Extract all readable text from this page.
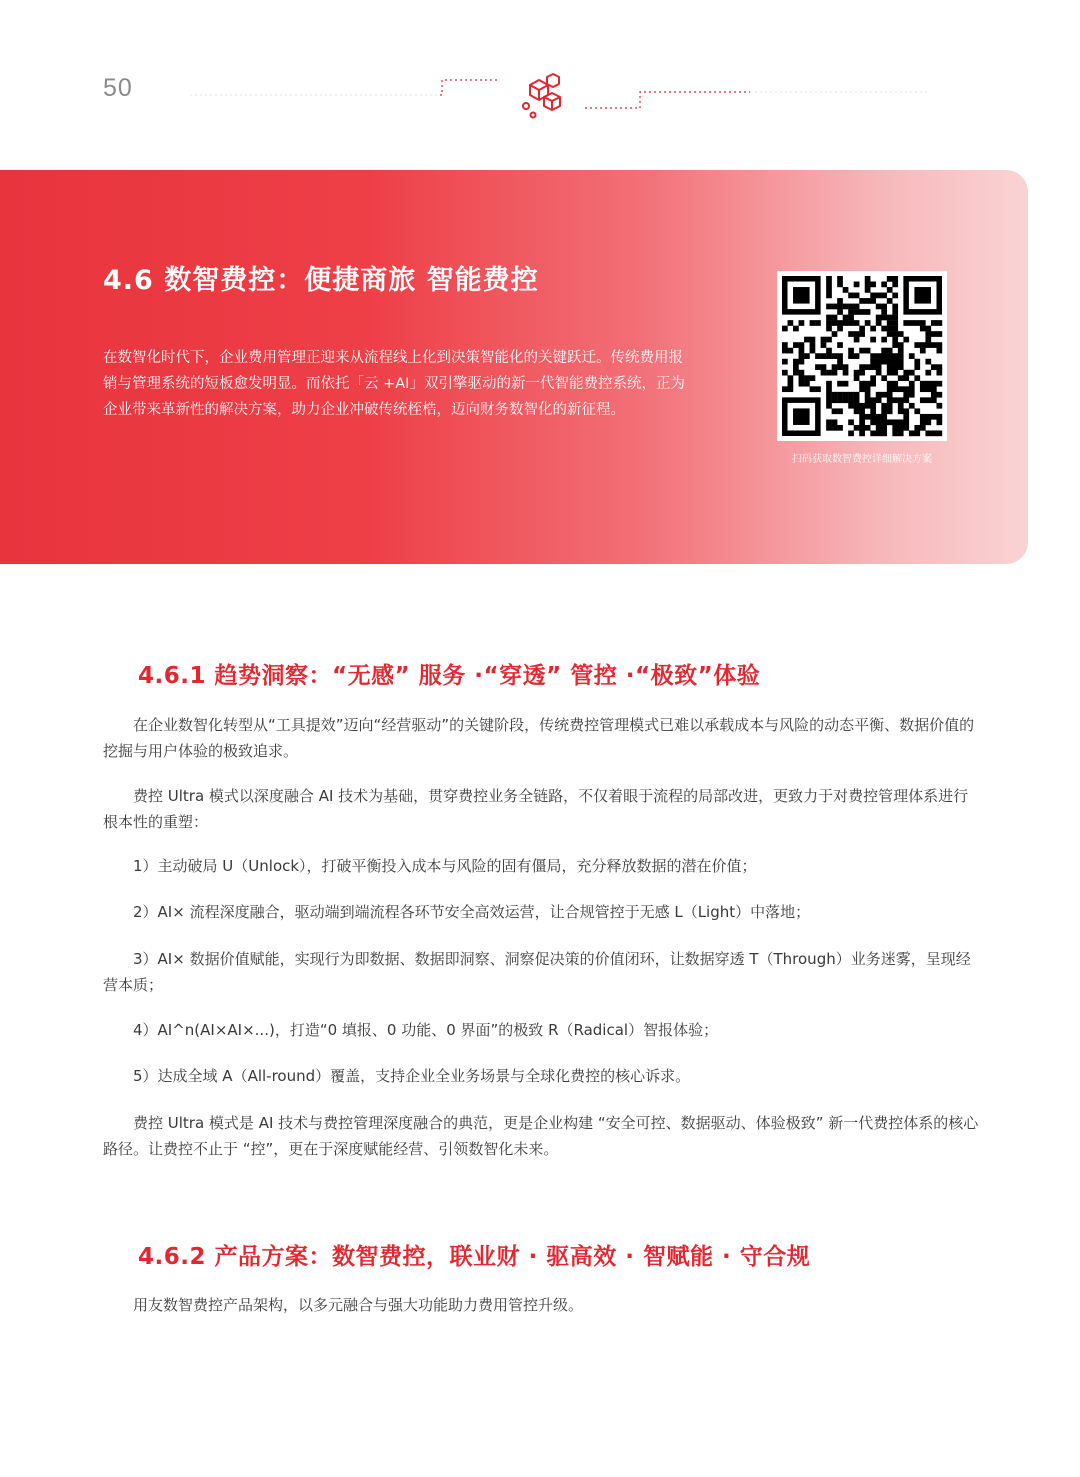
50
4.6 数智费控：便捷商旅 智能费控

在数智化时代下，企业费用管理正迎来从流程线上化到决策智能化的关键跃迁。传统费用报销与管理系统的短板愈发明显。而依托「云 +AI」双引擎驱动的新一代智能费控系统，正为企业带来革新性的解决方案，助力企业冲破传统桎梏，迈向财务数智化的新征程。

扫码获取数智费控详细解决方案
4.6.1 趋势洞察：“无感” 服务 ·“穿透” 管控 ·“极致”体验

　　在企业数智化转型从“工具提效”迈向“经营驱动”的关键阶段，传统费控管理模式已难以承载成本与风险的动态平衡、数据价值的挖掘与用户体验的极致追求。

　　费控 Ultra 模式以深度融合 AI 技术为基础，贯穿费控业务全链路，不仅着眼于流程的局部改进，更致力于对费控管理体系进行根本性的重塑：

　　1）主动破局 U（Unlock），打破平衡投入成本与风险的固有僵局，充分释放数据的潜在价值；

　　2）AI× 流程深度融合，驱动端到端流程各环节安全高效运营，让合规管控于无感 L（Light）中落地；

　　3）AI× 数据价值赋能，实现行为即数据、数据即洞察、洞察促决策的价值闭环，让数据穿透 T（Through）业务迷雾，呈现经营本质；

　　4）AI^n(AI×AI×...)，打造“0 填报、0 功能、0 界面”的极致 R（Radical）智报体验；

　　5）达成全域 A（All-round）覆盖，支持企业全业务场景与全球化费控的核心诉求。

　　费控 Ultra 模式是 AI 技术与费控管理深度融合的典范，更是企业构建 “安全可控、数据驱动、体验极致” 新一代费控体系的核心路径。让费控不止于 “控”，更在于深度赋能经营、引领数智化未来。

4.6.2 产品方案：数智费控，联业财 · 驱高效 · 智赋能 · 守合规

　　用友数智费控产品架构，以多元融合与强大功能助力费用管控升级。
